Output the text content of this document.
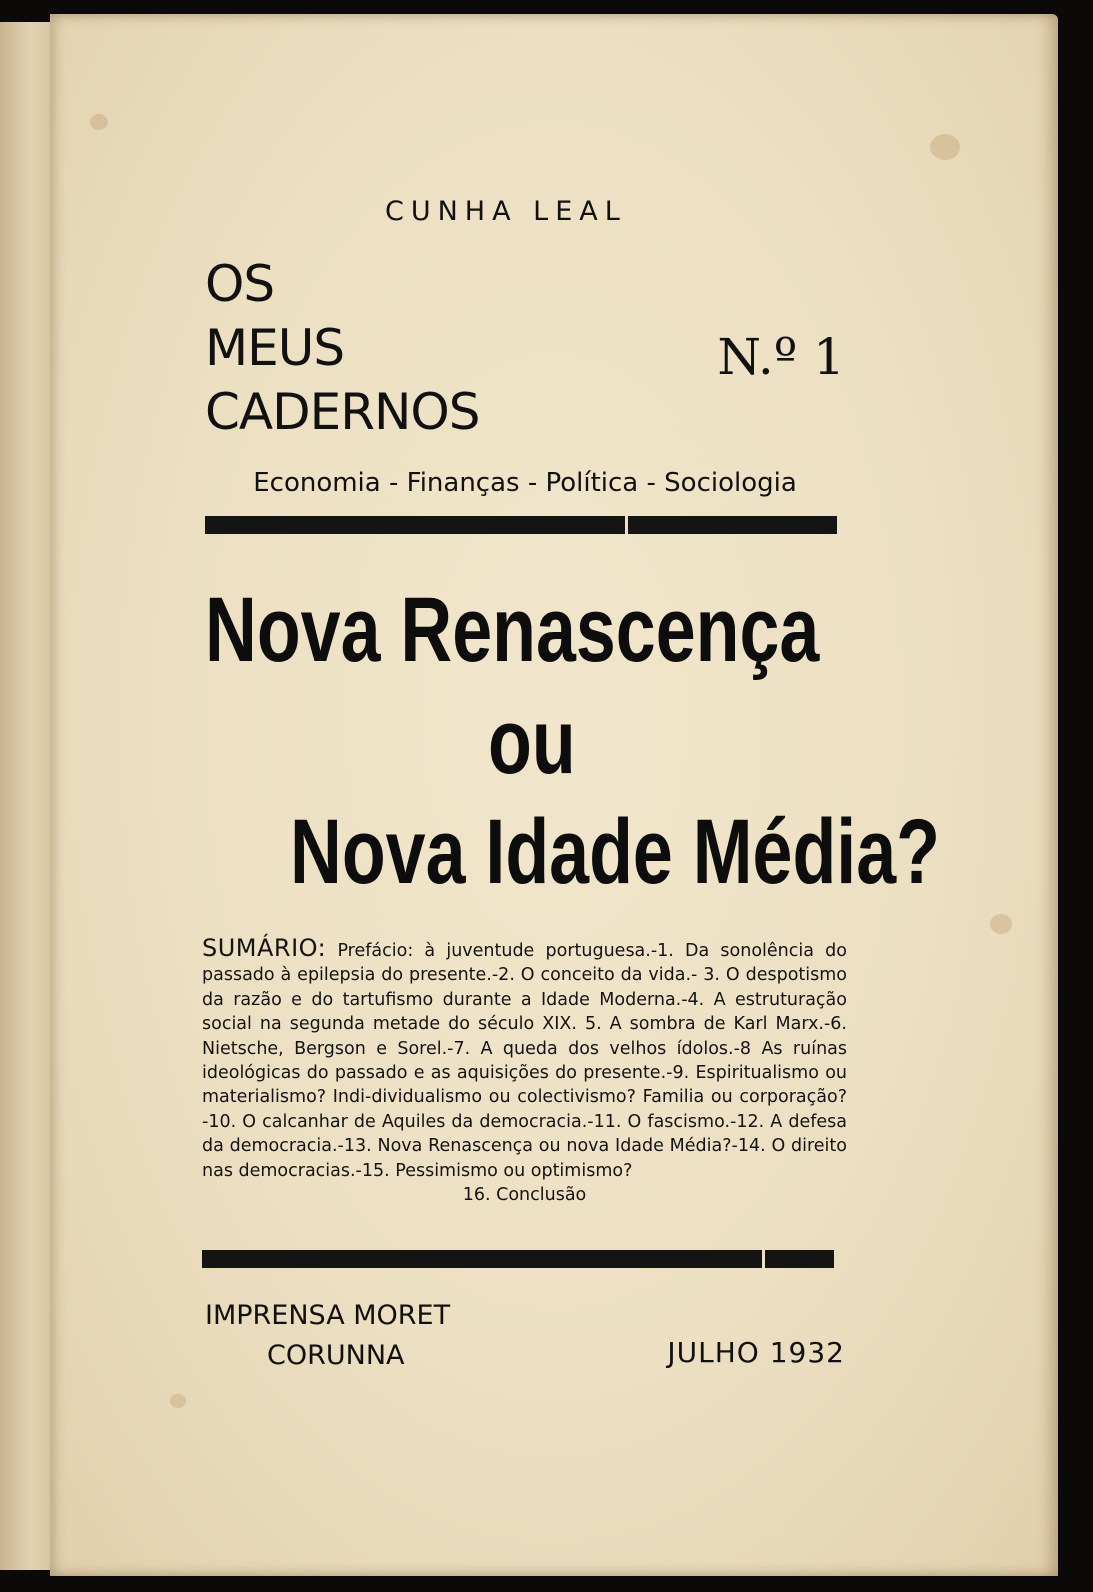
CUNHA LEAL
OS
MEUS
CADERNOS
N.º 1
Economia - Finanças - Política - Sociologia
Nova Renascença
ou
Nova Idade Média?
SUMÁRIO: Prefácio: à juventude portuguesa.-1. Da sonolência do passado à epilepsia do presente.-2. O conceito da vida.- 3. O despotismo da razão e do tartufismo durante a Idade Moderna.-4. A estruturação social na segunda metade do século XIX. 5. A sombra de Karl Marx.-6. Nietsche, Bergson e Sorel.-7. A queda dos velhos ídolos.-8 As ruínas ideológicas do passado e as aquisições do presente.-9. Espiritualismo ou materialismo? Indi-dividualismo ou colectivismo? Familia ou corporação?-10. O calcanhar de Aquiles da democracia.-11. O fascismo.-12. A defesa da democracia.-13. Nova Renascença ou nova Idade Média?-14. O direito nas democracias.-15. Pessimismo ou optimismo?
16. Conclusão
IMPRENSA MORET
CORUNNA	JULHO 1932
